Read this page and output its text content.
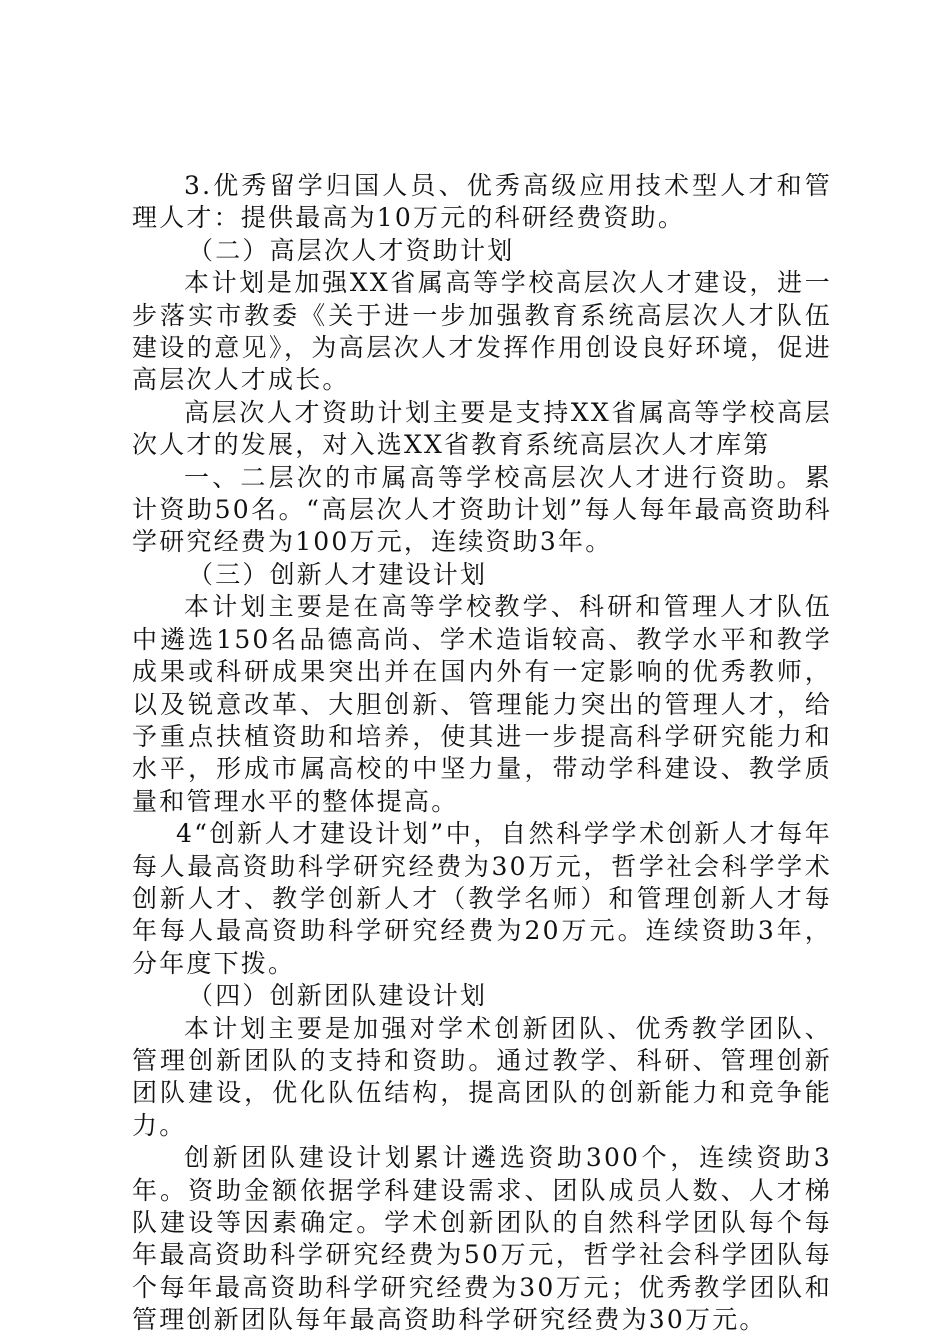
3.优秀留学归国人员、优秀高级应用技术型人才和管理人才：提供最高为10万元的科研经费资助。

（二）高层次人才资助计划

本计划是加强XX省属高等学校高层次人才建设，进一步落实市教委《关于进一步加强教育系统高层次人才队伍建设的意见》，为高层次人才发挥作用创设良好环境，促进高层次人才成长。

高层次人才资助计划主要是支持XX省属高等学校高层次人才的发展，对入选XX省教育系统高层次人才库第

一、二层次的市属高等学校高层次人才进行资助。累计资助50名。“高层次人才资助计划”每人每年最高资助科学研究经费为100万元，连续资助3年。

（三）创新人才建设计划

本计划主要是在高等学校教学、科研和管理人才队伍中遴选150名品德高尚、学术造诣较高、教学水平和教学成果或科研成果突出并在国内外有一定影响的优秀教师，以及锐意改革、大胆创新、管理能力突出的管理人才，给予重点扶植资助和培养，使其进一步提高科学研究能力和水平，形成市属高校的中坚力量，带动学科建设、教学质量和管理水平的整体提高。

4“创新人才建设计划”中，自然科学学术创新人才每年每人最高资助科学研究经费为30万元，哲学社会科学学术创新人才、教学创新人才（教学名师）和管理创新人才每年每人最高资助科学研究经费为20万元。连续资助3年，分年度下拨。

（四）创新团队建设计划

本计划主要是加强对学术创新团队、优秀教学团队、管理创新团队的支持和资助。通过教学、科研、管理创新团队建设，优化队伍结构，提高团队的创新能力和竞争能力。

创新团队建设计划累计遴选资助300个，连续资助3年。资助金额依据学科建设需求、团队成员人数、人才梯队建设等因素确定。学术创新团队的自然科学团队每个每年最高资助科学研究经费为50万元，哲学社会科学团队每个每年最高资助科学研究经费为30万元；优秀教学团队和管理创新团队每年最高资助科学研究经费为30万元。
